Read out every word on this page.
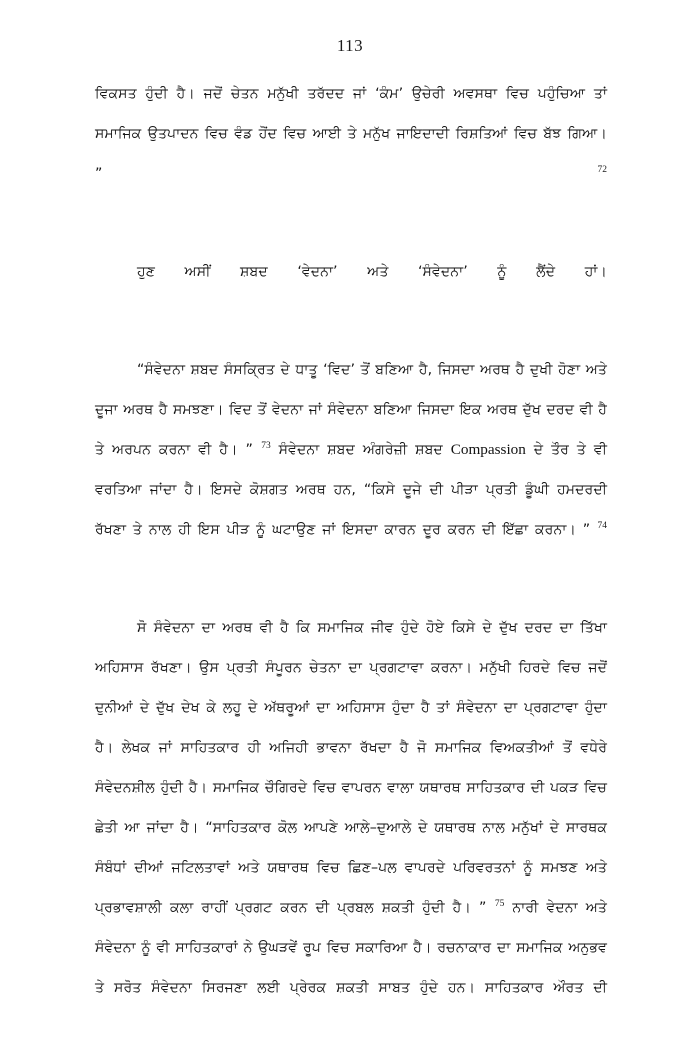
113

ਵਿਕਸਤ ਹੁੰਦੀ ਹੈ। ਜਦੋਂ ਚੇਤਨ ਮਨੁੱਖੀ ਤਰੱਦਦ ਜਾਂ ‘ਕੰਮ’ ਉਚੇਰੀ ਅਵਸਥਾ ਵਿਚ ਪਹੁੰਚਿਆ ਤਾਂ ਸਮਾਜਿਕ ਉਤਪਾਦਨ ਵਿਚ ਵੰਡ ਹੋਂਦ ਵਿਚ ਆਈ ਤੇ ਮਨੁੱਖ ਜਾਇਦਾਦੀ ਰਿਸ਼ਤਿਆਂ ਵਿਚ ਬੱਝ ਗਿਆ। ” $^{72}$

ਹੁਣ ਅਸੀਂ ਸ਼ਬਦ ‘ਵੇਦਨਾ’ ਅਤੇ ‘ਸੰਵੇਦਨਾ’ ਨੂੰ ਲੈਂਦੇ ਹਾਂ।

“ਸੰਵੇਦਨਾ ਸ਼ਬਦ ਸੰਸਕ੍ਰਿਤ ਦੇ ਧਾਤੂ ‘ਵਿਦ’ ਤੋਂ ਬਣਿਆ ਹੈ, ਜਿਸਦਾ ਅਰਥ ਹੈ ਦੁਖੀ ਹੋਣਾ ਅਤੇ ਦੂਜਾ ਅਰਥ ਹੈ ਸਮਝਣਾ। ਵਿਦ ਤੋਂ ਵੇਦਨਾ ਜਾਂ ਸੰਵੇਦਨਾ ਬਣਿਆ ਜਿਸਦਾ ਇਕ ਅਰਥ ਦੁੱਖ ਦਰਦ ਵੀ ਹੈ ਤੇ ਅਰਪਨ ਕਰਨਾ ਵੀ ਹੈ। ” $^{73}$ ਸੰਵੇਦਨਾ ਸ਼ਬਦ ਅੰਗਰੇਜ਼ੀ ਸ਼ਬਦ Compassion ਦੇ ਤੌਰ ਤੇ ਵੀ ਵਰਤਿਆ ਜਾਂਦਾ ਹੈ। ਇਸਦੇ ਕੋਸ਼ਗਤ ਅਰਥ ਹਨ, “ਕਿਸੇ ਦੂਜੇ ਦੀ ਪੀੜਾ ਪ੍ਰਤੀ ਡੂੰਘੀ ਹਮਦਰਦੀ ਰੱਖਣਾ ਤੇ ਨਾਲ ਹੀ ਇਸ ਪੀੜ ਨੂੰ ਘਟਾਉਣ ਜਾਂ ਇਸਦਾ ਕਾਰਨ ਦੂਰ ਕਰਨ ਦੀ ਇੱਛਾ ਕਰਨਾ। ” $^{74}$

ਸੋ ਸੰਵੇਦਨਾ ਦਾ ਅਰਥ ਵੀ ਹੈ ਕਿ ਸਮਾਜਿਕ ਜੀਵ ਹੁੰਦੇ ਹੋਏ ਕਿਸੇ ਦੇ ਦੁੱਖ ਦਰਦ ਦਾ ਤਿੱਖਾ ਅਹਿਸਾਸ ਰੱਖਣਾ। ਉਸ ਪ੍ਰਤੀ ਸੰਪੂਰਨ ਚੇਤਨਾ ਦਾ ਪ੍ਰਗਟਾਵਾ ਕਰਨਾ। ਮਨੁੱਖੀ ਹਿਰਦੇ ਵਿਚ ਜਦੋਂ ਦੁਨੀਆਂ ਦੇ ਦੁੱਖ ਦੇਖ ਕੇ ਲਹੂ ਦੇ ਅੱਥਰੂਆਂ ਦਾ ਅਹਿਸਾਸ ਹੁੰਦਾ ਹੈ ਤਾਂ ਸੰਵੇਦਨਾ ਦਾ ਪ੍ਰਗਟਾਵਾ ਹੁੰਦਾ ਹੈ। ਲੇਖਕ ਜਾਂ ਸਾਹਿਤਕਾਰ ਹੀ ਅਜਿਹੀ ਭਾਵਨਾ ਰੱਖਦਾ ਹੈ ਜੋ ਸਮਾਜਿਕ ਵਿਅਕਤੀਆਂ ਤੋਂ ਵਧੇਰੇ ਸੰਵੇਦਨਸ਼ੀਲ ਹੁੰਦੀ ਹੈ। ਸਮਾਜਿਕ ਚੌਗਿਰਦੇ ਵਿਚ ਵਾਪਰਨ ਵਾਲਾ ਯਥਾਰਥ ਸਾਹਿਤਕਾਰ ਦੀ ਪਕੜ ਵਿਚ ਛੇਤੀ ਆ ਜਾਂਦਾ ਹੈ। “ਸਾਹਿਤਕਾਰ ਕੋਲ ਆਪਣੇ ਆਲੇ–ਦੁਆਲੇ ਦੇ ਯਥਾਰਥ ਨਾਲ ਮਨੁੱਖਾਂ ਦੇ ਸਾਰਥਕ ਸੰਬੰਧਾਂ ਦੀਆਂ ਜਟਿਲਤਾਵਾਂ ਅਤੇ ਯਥਾਰਥ ਵਿਚ ਛਿਣ–ਪਲ ਵਾਪਰਦੇ ਪਰਿਵਰਤਨਾਂ ਨੂੰ ਸਮਝਣ ਅਤੇ ਪ੍ਰਭਾਵਸ਼ਾਲੀ ਕਲਾ ਰਾਹੀਂ ਪ੍ਰਗਟ ਕਰਨ ਦੀ ਪ੍ਰਬਲ ਸ਼ਕਤੀ ਹੁੰਦੀ ਹੈ। ” $^{75}$ ਨਾਰੀ ਵੇਦਨਾ ਅਤੇ ਸੰਵੇਦਨਾ ਨੂੰ ਵੀ ਸਾਹਿਤਕਾਰਾਂ ਨੇ ਉਘੜਵੇਂ ਰੂਪ ਵਿਚ ਸਕਾਰਿਆ ਹੈ। ਰਚਨਾਕਾਰ ਦਾ ਸਮਾਜਿਕ ਅਨੁਭਵ ਤੇ ਸਰੋਤ ਸੰਵੇਦਨਾ ਸਿਰਜਣਾ ਲਈ ਪ੍ਰੇਰਕ ਸ਼ਕਤੀ ਸਾਬਤ ਹੁੰਦੇ ਹਨ। ਸਾਹਿਤਕਾਰ ਔਰਤ ਦੀ
